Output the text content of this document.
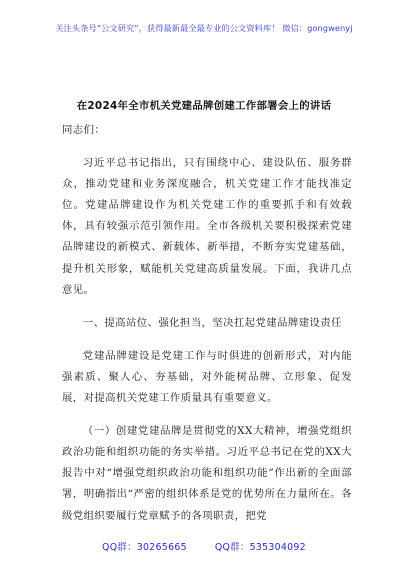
关注头条号“公文研究”，获得最新最全最专业的公文资料库！ 微信：gongwenyj
在2024年全市机关党建品牌创建工作部署会上的讲话
同志们：

习近平总书记指出，只有围绕中心、建设队伍、服务群众，推动党建和业务深度融合，机关党建工作才能找准定位。党建品牌建设作为机关党建工作的重要抓手和有效载体，具有较强示范引领作用。全市各级机关要积极探索党建品牌建设的新模式、新载体、新举措，不断夯实党建基础，提升机关形象，赋能机关党建高质量发展。下面，我讲几点意见。

一、提高站位、强化担当，坚决扛起党建品牌建设责任

党建品牌建设是党建工作与时俱进的创新形式，对内能强素质、聚人心、夯基础，对外能树品牌、立形象、促发展，对提高机关党建工作质量具有重要意义。

（一）创建党建品牌是贯彻党的XX大精神，增强党组织政治功能和组织功能的务实举措。习近平总书记在党的XX大报告中对“增强党组织政治功能和组织功能”作出新的全面部署，明确指出“严密的组织体系是党的优势所在力量所在。各级党组织要履行党章赋予的各项职责，把党

QQ群：30265665	QQ群：535304092
